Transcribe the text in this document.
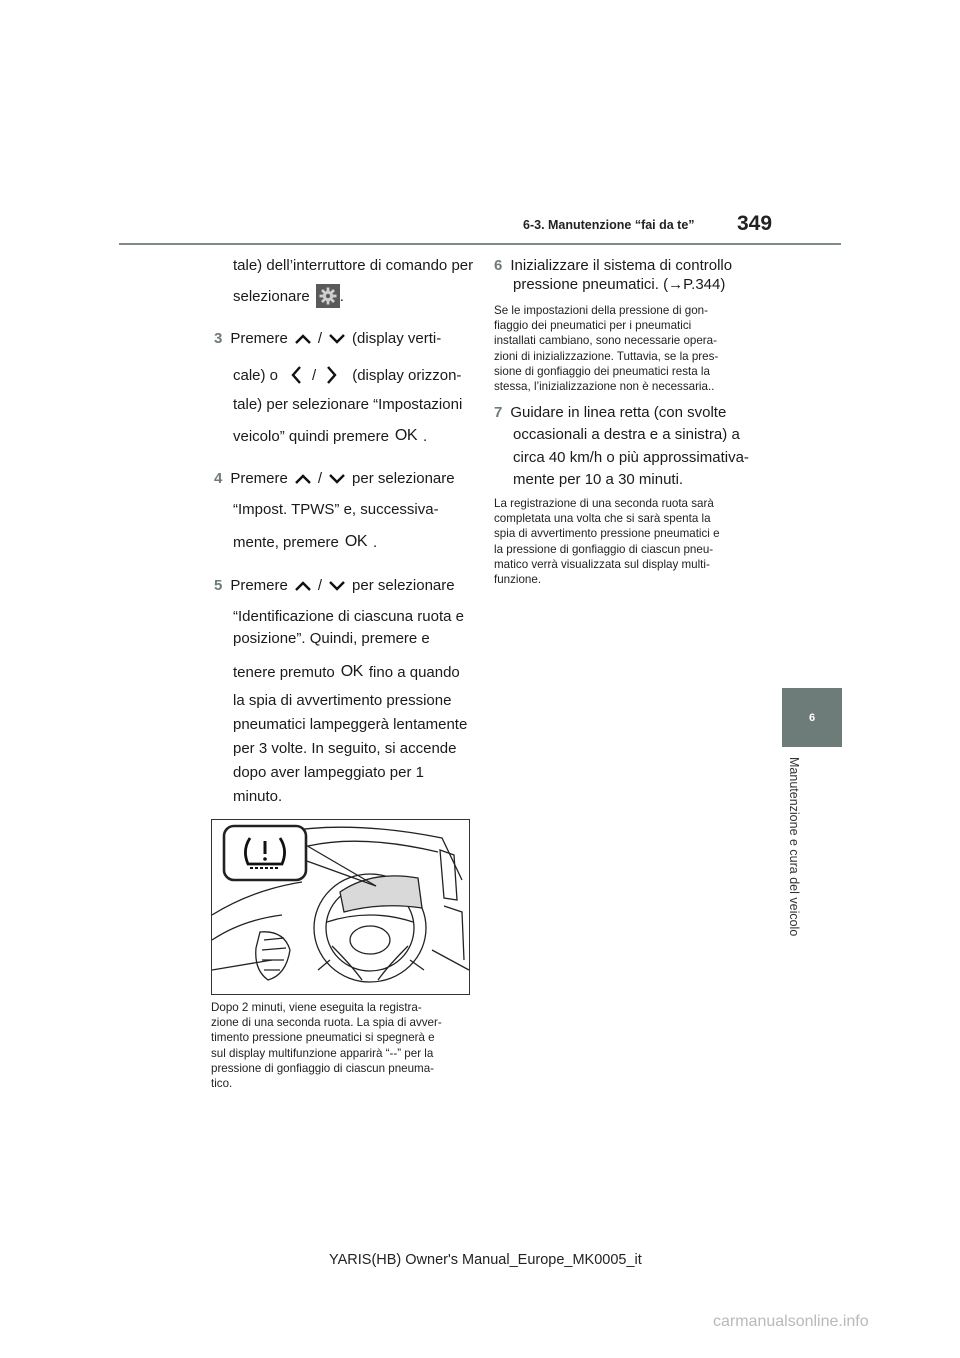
6-3. Manutenzione “fai da te” 349
6
Manutenzione e cura del veicolo
tale) dell’interruttore di comando per
selezionare .
3 Premere / (display verti-
cale) o / (display orizzon-
tale) per selezionare “Impostazioni
veicolo” quindi premere OK .
4 Premere / per selezionare
“Impost. TPWS” e, successiva-
mente, premere OK .
5 Premere / per selezionare
“Identificazione di ciascuna ruota e
posizione”. Quindi, premere e
tenere premuto OK fino a quando
la spia di avvertimento pressione
pneumatici lampeggerà lentamente
per 3 volte. In seguito, si accende
dopo aver lampeggiato per 1
minuto.
Dopo 2 minuti, viene eseguita la registra-
zione di una seconda ruota. La spia di avver-
timento pressione pneumatici si spegnerà e
sul display multifunzione apparirà “--” per la
pressione di gonfiaggio di ciascun pneuma-
tico.
6 Inizializzare il sistema di controllo
pressione pneumatici. (→P.344)
Se le impostazioni della pressione di gon-
fiaggio dei pneumatici per i pneumatici
installati cambiano, sono necessarie opera-
zioni di inizializzazione. Tuttavia, se la pres-
sione di gonfiaggio dei pneumatici resta la
stessa, l’inizializzazione non è necessaria..
7 Guidare in linea retta (con svolte
occasionali a destra e a sinistra) a
circa 40 km/h o più approssimativa-
mente per 10 a 30 minuti.
La registrazione di una seconda ruota sarà
completata una volta che si sarà spenta la
spia di avvertimento pressione pneumatici e
la pressione di gonfiaggio di ciascun pneu-
matico verrà visualizzata sul display multi-
funzione.
YARIS(HB) Owner's Manual_Europe_MK0005_it
carmanualsonline.info
